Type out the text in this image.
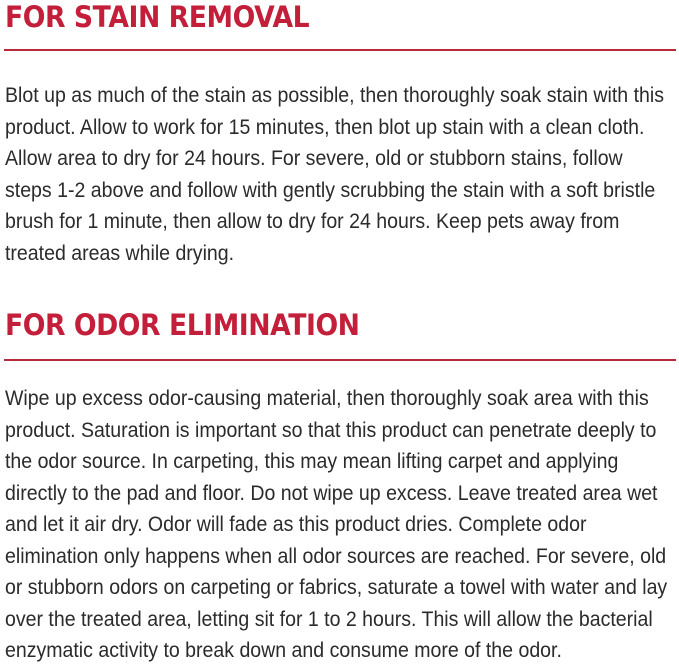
FOR STAIN REMOVAL

Blot up as much of the stain as possible, then thoroughly soak stain with this product. Allow to work for 15 minutes, then blot up stain with a clean cloth. Allow area to dry for 24 hours. For severe, old or stubborn stains, follow steps 1-2 above and follow with gently scrubbing the stain with a soft bristle brush for 1 minute, then allow to dry for 24 hours. Keep pets away from treated areas while drying.

FOR ODOR ELIMINATION

Wipe up excess odor-causing material, then thoroughly soak area with this product. Saturation is important so that this product can penetrate deeply to the odor source. In carpeting, this may mean lifting carpet and applying directly to the pad and floor. Do not wipe up excess. Leave treated area wet and let it air dry. Odor will fade as this product dries. Complete odor elimination only happens when all odor sources are reached. For severe, old or stubborn odors on carpeting or fabrics, saturate a towel with water and lay over the treated area, letting sit for 1 to 2 hours. This will allow the bacterial enzymatic activity to break down and consume more of the odor.
